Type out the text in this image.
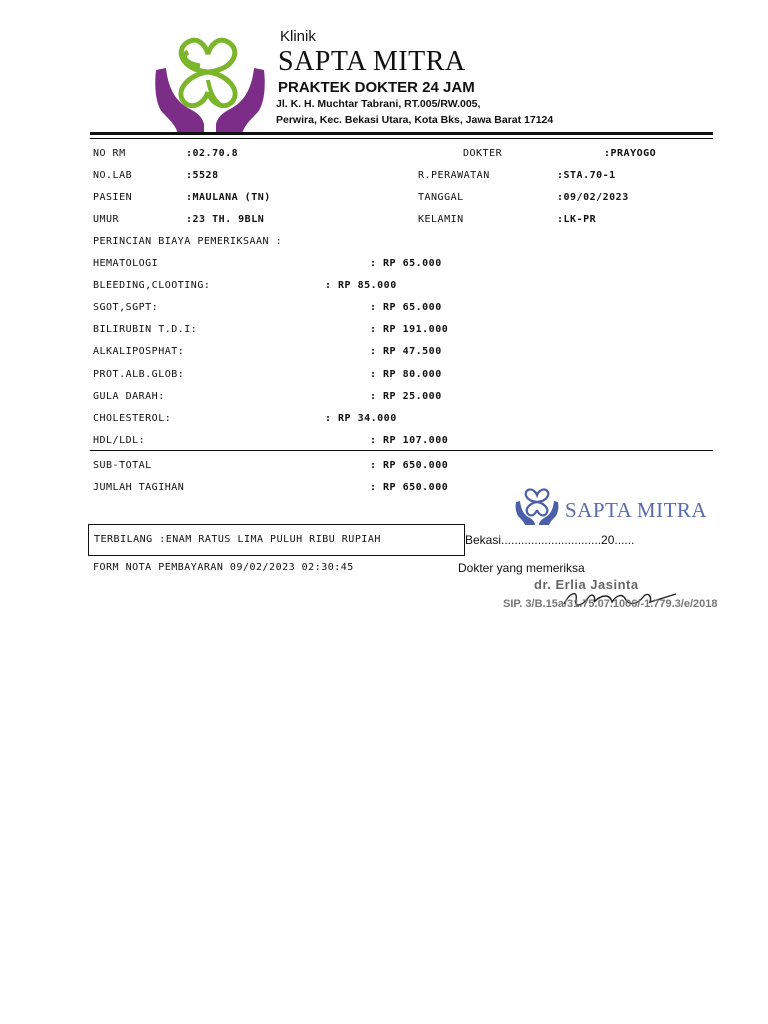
Klinik
SAPTA MITRA
PRAKTEK DOKTER 24 JAM
Jl. K. H. Muchtar Tabrani, RT.005/RW.005,
Perwira, Kec. Bekasi Utara, Kota Bks, Jawa Barat 17124
NO RM	:02.70.8	DOKTER	:PRAYOGO
NO.LAB	:5528	R.PERAWATAN	:STA.70-1
PASIEN	:MAULANA (TN)	TANGGAL	:09/02/2023
UMUR	:23 TH. 9BLN	KELAMIN	:LK-PR
PERINCIAN BIAYA PEMERIKSAAN :
HEMATOLOGI	: RP 65.000
BLEEDING,CLOOTING:	: RP 85.000
SGOT,SGPT:	: RP 65.000
BILIRUBIN T.D.I:	: RP 191.000
ALKALIPOSPHAT:	: RP 47.500
PROT.ALB.GLOB:	: RP 80.000
GULA DARAH:	: RP 25.000
CHOLESTEROL:	: RP 34.000
HDL/LDL:	: RP 107.000
SUB-TOTAL	: RP 650.000
JUMLAH TAGIHAN	: RP 650.000
SAPTA MITRA
TERBILANG :ENAM RATUS LIMA PULUH RIBU RUPIAH	Bekasi..............................20......
FORM NOTA PEMBAYARAN 09/02/2023 02:30:45	Dokter yang memeriksa
dr. Erlia Jasinta
SIP. 3/B.15a/31.75.07.1006/-1.779.3/e/2018
